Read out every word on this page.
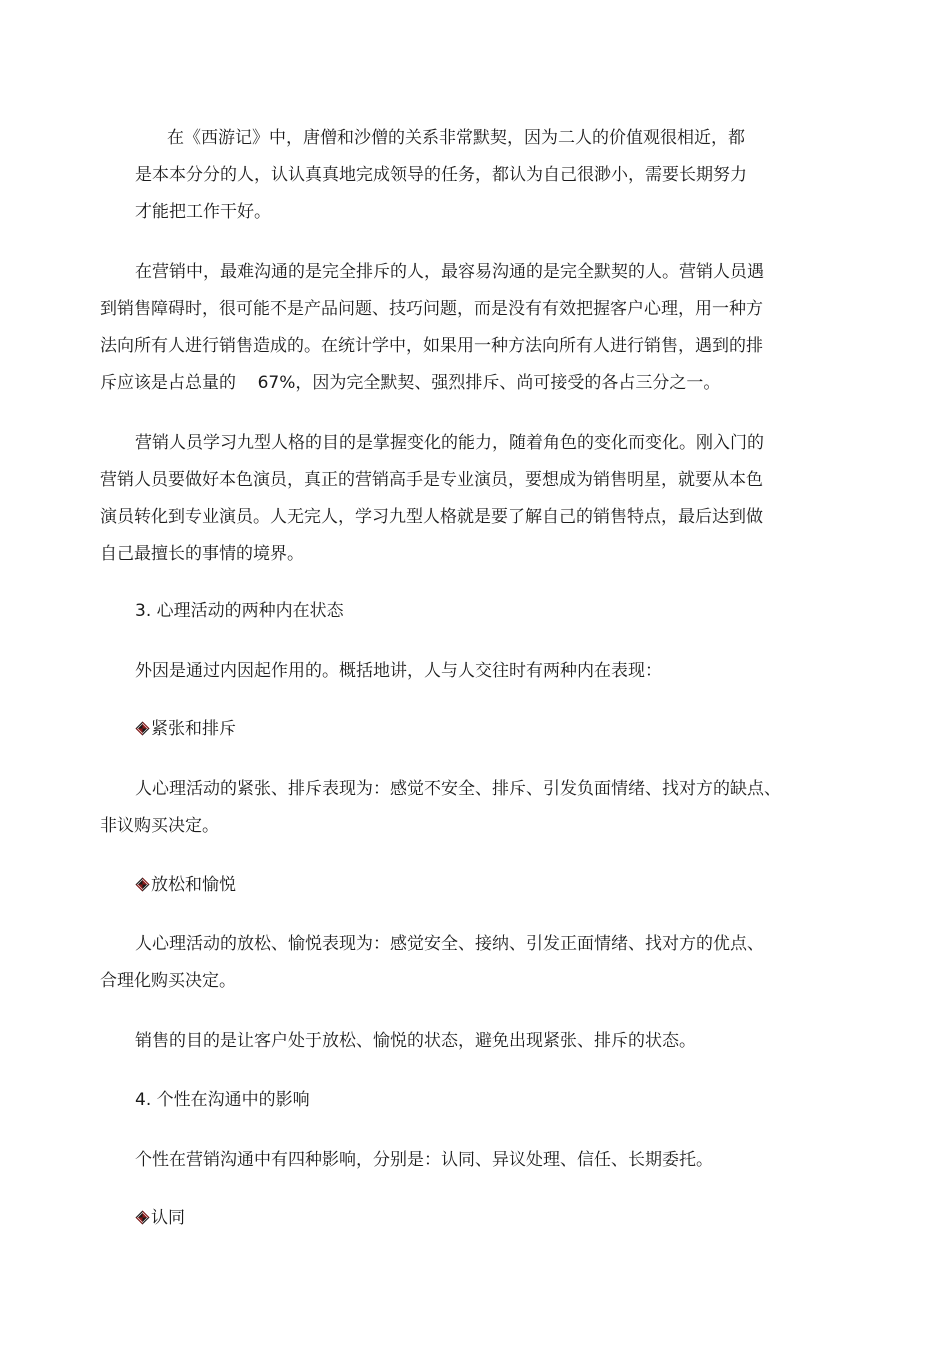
在《西游记》中，唐僧和沙僧的关系非常默契，因为二人的价值观很相近，都
是本本分分的人，认认真真地完成领导的任务，都认为自己很渺小，需要长期努力
才能把工作干好。
在营销中，最难沟通的是完全排斥的人，最容易沟通的是完全默契的人。营销人员遇
到销售障碍时，很可能不是产品问题、技巧问题，而是没有有效把握客户心理，用一种方
法向所有人进行销售造成的。在统计学中，如果用一种方法向所有人进行销售，遇到的排
斥应该是占总量的    67%，因为完全默契、强烈排斥、尚可接受的各占三分之一。
营销人员学习九型人格的目的是掌握变化的能力，随着角色的变化而变化。刚入门的
营销人员要做好本色演员，真正的营销高手是专业演员，要想成为销售明星，就要从本色
演员转化到专业演员。人无完人，学习九型人格就是要了解自己的销售特点，最后达到做
自己最擅长的事情的境界。
3. 心理活动的两种内在状态
外因是通过内因起作用的。概括地讲，人与人交往时有两种内在表现：
紧张和排斥
人心理活动的紧张、排斥表现为：感觉不安全、排斥、引发负面情绪、找对方的缺点、
非议购买决定。
放松和愉悦
人心理活动的放松、愉悦表现为：感觉安全、接纳、引发正面情绪、找对方的优点、
合理化购买决定。
销售的目的是让客户处于放松、愉悦的状态，避免出现紧张、排斥的状态。
4. 个性在沟通中的影响
个性在营销沟通中有四种影响，分别是：认同、异议处理、信任、长期委托。
认同
